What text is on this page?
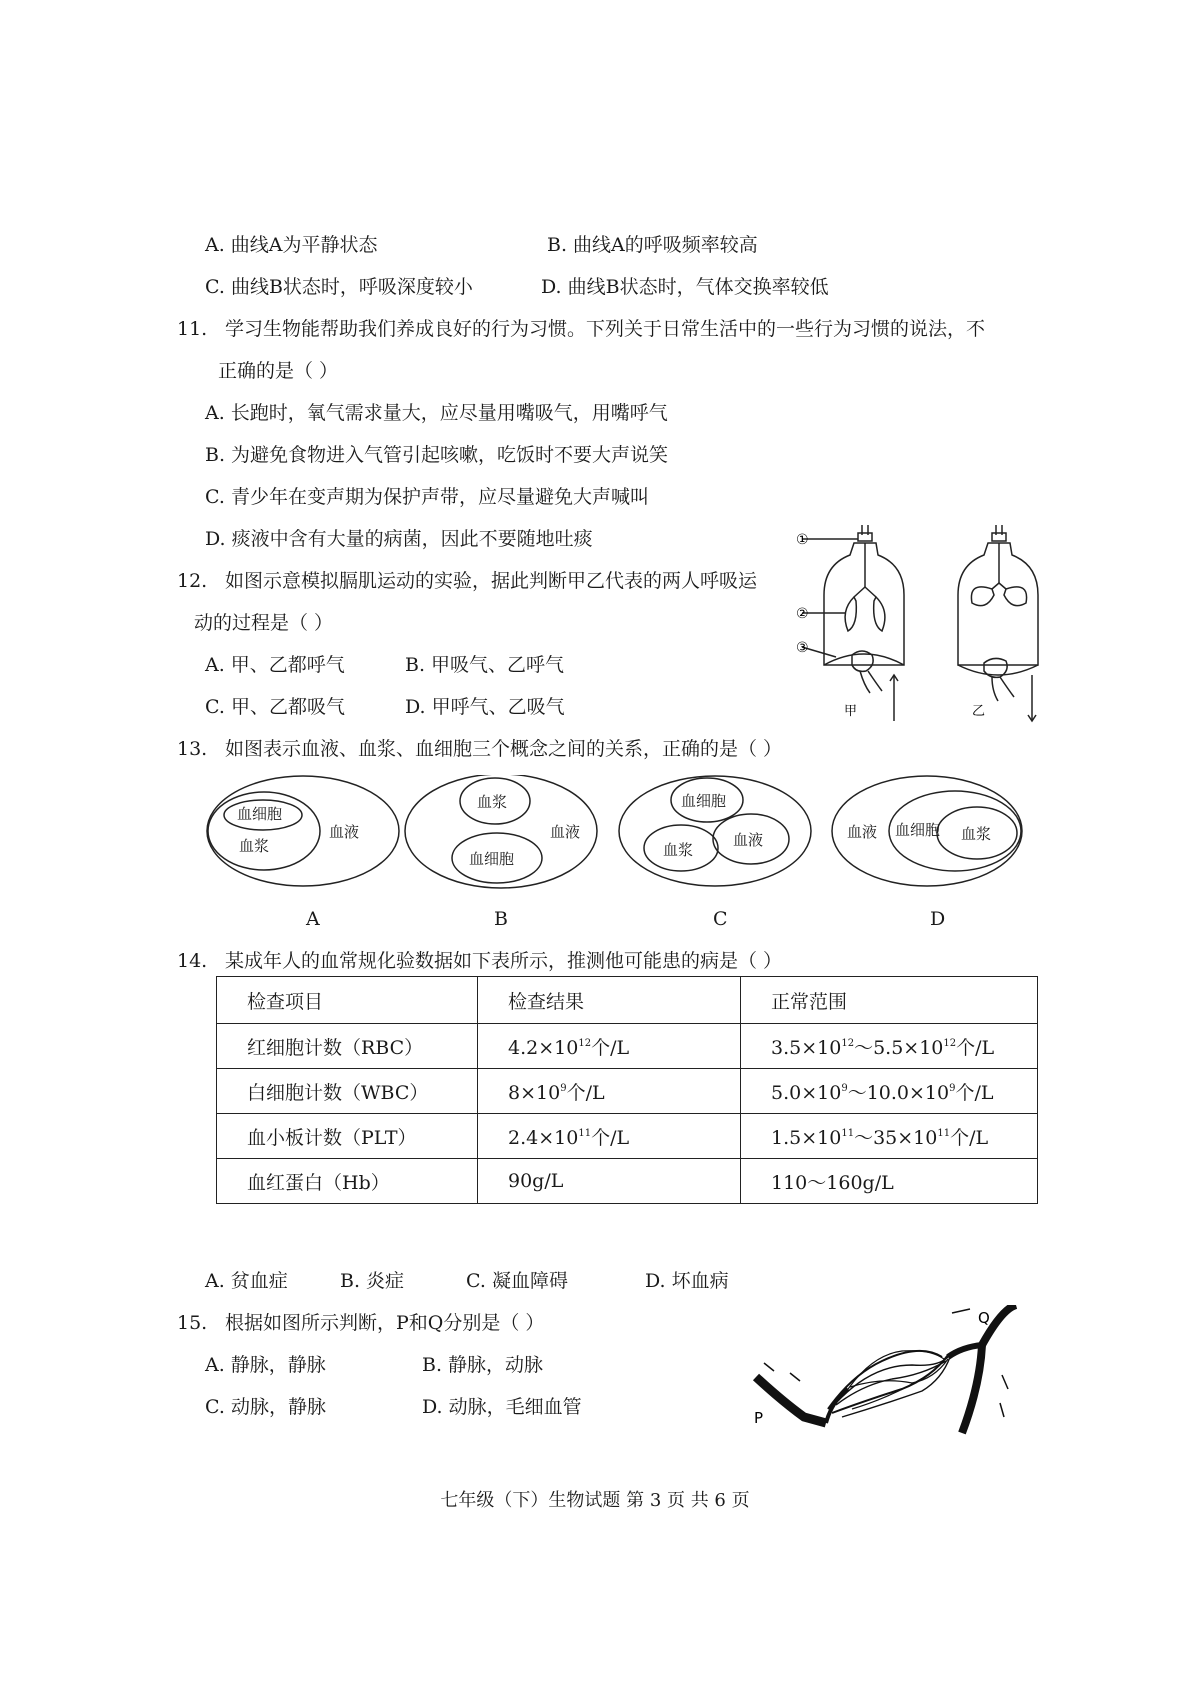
A. 曲线A为平静状态	B. 曲线A的呼吸频率较高
C. 曲线B状态时，呼吸深度较小	D. 曲线B状态时，气体交换率较低
11. 学习生物能帮助我们养成良好的行为习惯。下列关于日常生活中的一些行为习惯的说法，不
正确的是（ ）
A. 长跑时，氧气需求量大，应尽量用嘴吸气，用嘴呼气
B. 为避免食物进入气管引起咳嗽，吃饭时不要大声说笑
C. 青少年在变声期为保护声带，应尽量避免大声喊叫
D. 痰液中含有大量的病菌，因此不要随地吐痰
12. 如图示意模拟膈肌运动的实验，据此判断甲乙代表的两人呼吸运
动的过程是（ ）
A. 甲、乙都呼气	B. 甲吸气、乙呼气
C. 甲、乙都吸气	D. 甲呼气、乙吸气
①
②
③
甲	乙
13. 如图表示血液、血浆、血细胞三个概念之间的关系，正确的是（ ）
血细胞
血浆
血液
血浆
血细胞
血液
血细胞
血浆
血液	血液 血细胞 血浆
A	B	C	D
14. 某成年人的血常规化验数据如下表所示，推测他可能患的病是（ ）
检查项目	检查结果	正常范围
红细胞计数（RBC）	$4.2\times 10^{12}$个/L	$3.5\times 10^{12}\sim 5.5\times 10^{12}$个/L
白细胞计数（WBC）	$8\times 10^9$个/L	$5.0\times 10^9\sim 10.0\times 10^9$个/L
血小板计数（PLT）	$2.4\times 10^{11}$个/L	$1.5\times 10^{11}\sim 35\times 10^{11}$个/L
血红蛋白（Hb）	90g/L	110～160g/L
A. 贫血症	B. 炎症	C. 凝血障碍	D. 坏血病
15. 根据如图所示判断，P和Q分别是（ ）
A. 静脉，静脉	B. 静脉，动脉
C. 动脉，静脉	D. 动脉，毛细血管	P
Q
七年级（下）生物试题 第 3 页 共 6 页
